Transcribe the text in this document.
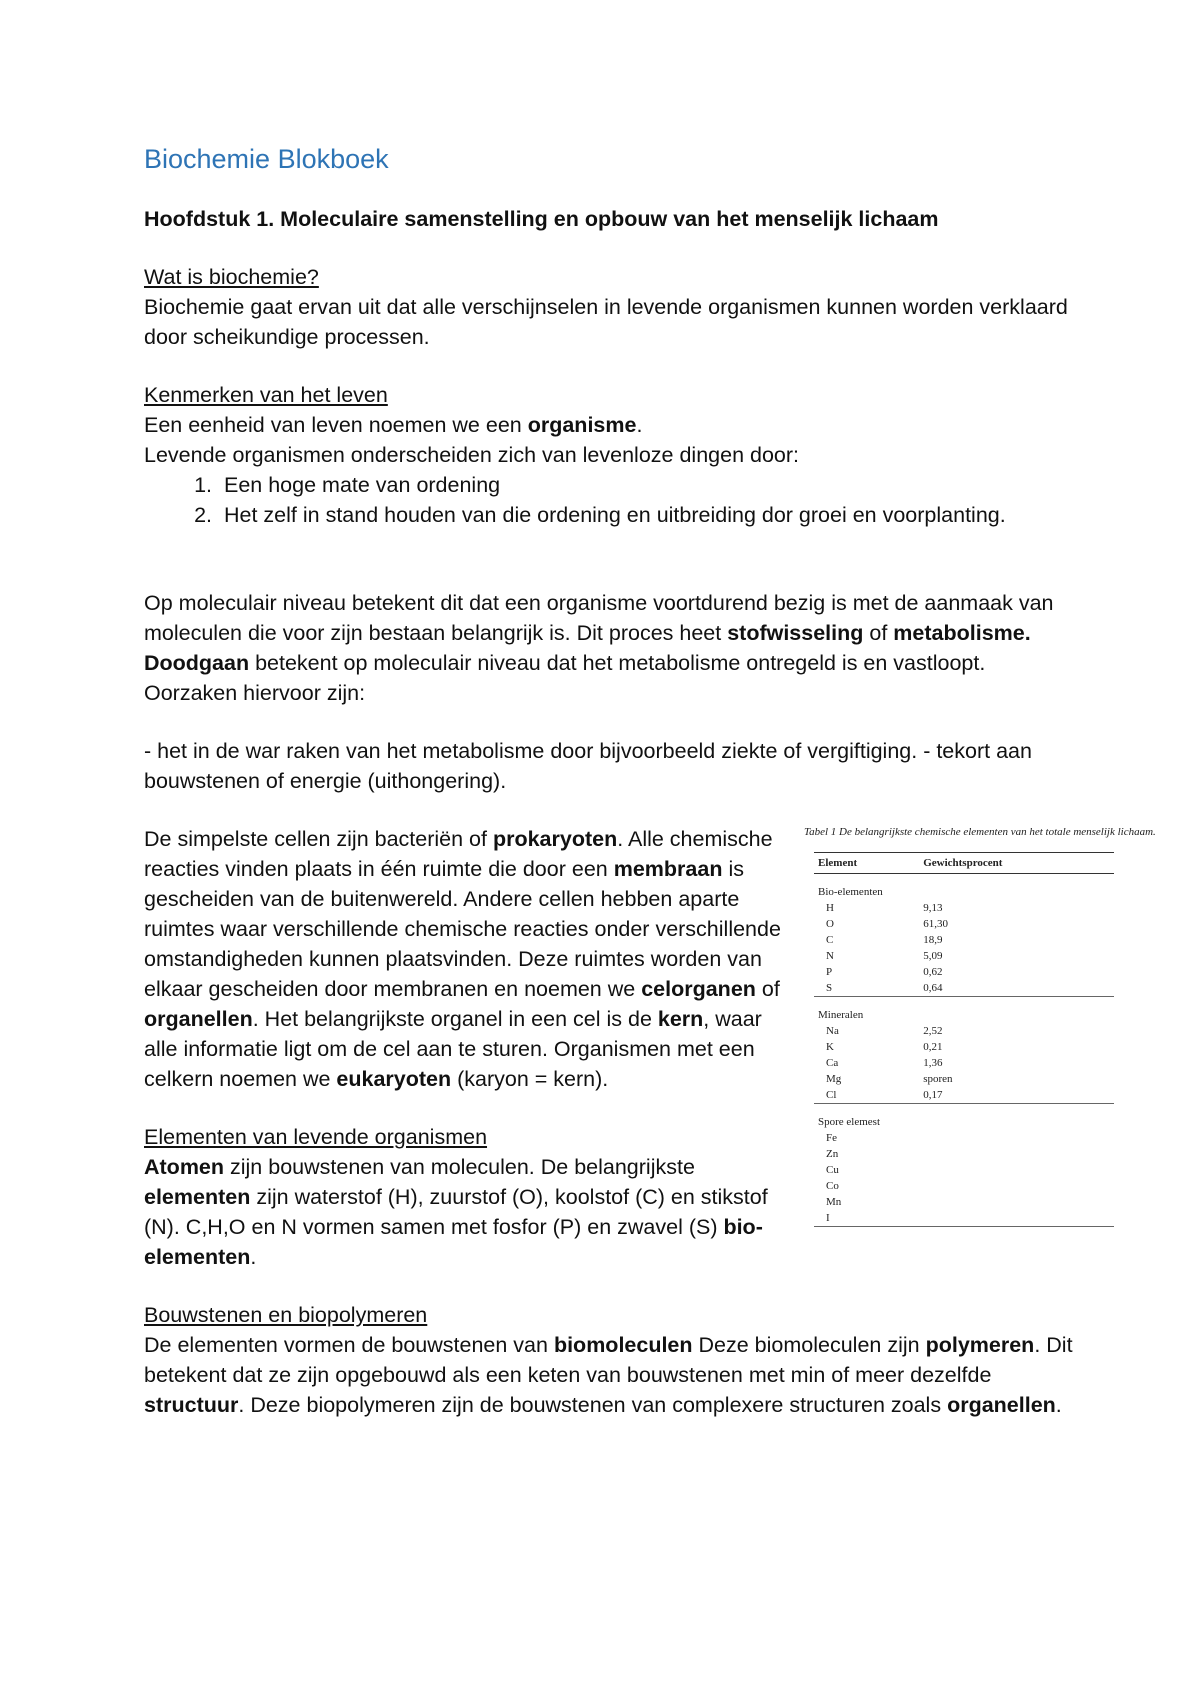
Biochemie Blokboek
Hoofdstuk 1. Moleculaire samenstelling en opbouw van het menselijk lichaam

Wat is biochemie?

Biochemie gaat ervan uit dat alle verschijnselen in levende organismen kunnen worden verklaard door scheikundige processen.

Kenmerken van het leven

Een eenheid van leven noemen we een organisme.

Levende organismen onderscheiden zich van levenloze dingen door:

1. Een hoge mate van ordening
2. Het zelf in stand houden van die ordening en uitbreiding dor groei en voorplanting.

Op moleculair niveau betekent dit dat een organisme voortdurend bezig is met de aanmaak van moleculen die voor zijn bestaan belangrijk is. Dit proces heet stofwisseling of metabolisme. Doodgaan betekent op moleculair niveau dat het metabolisme ontregeld is en vastloopt. Oorzaken hiervoor zijn:

- het in de war raken van het metabolisme door bijvoorbeeld ziekte of vergiftiging. - tekort aan bouwstenen of energie (uithongering).

De simpelste cellen zijn bacteriën of prokaryoten. Alle chemische reacties vinden plaats in één ruimte die door een membraan is gescheiden van de buitenwereld. Andere cellen hebben aparte ruimtes waar verschillende chemische reacties onder verschillende omstandigheden kunnen plaatsvinden. Deze ruimtes worden van elkaar gescheiden door membranen en noemen we celorganen of organellen. Het belangrijkste organel in een cel is de kern, waar alle informatie ligt om de cel aan te sturen. Organismen met een celkern noemen we eukaryoten (karyon = kern).

Elementen van levende organismen

Atomen zijn bouwstenen van moleculen. De belangrijkste elementen zijn waterstof (H), zuurstof (O), koolstof (C) en stikstof (N). C,H,O en N vormen samen met fosfor (P) en zwavel (S) bio-elementen.

Tabel 1 De belangrijkste chemische elementen van het totale menselijk lichaam.
Element	Gewichtsprocent
Bio-elementen	
H	9,13
O	61,30
C	18,9
N	5,09
P	0,62
S	0,64
Mineralen	
Na	2,52
K	0,21
Ca	1,36
Mg	sporen
Cl	0,17
Spore elemest	
Fe	
Zn	
Cu	
Co	
Mn	
I	

Bouwstenen en biopolymeren

De elementen vormen de bouwstenen van biomoleculen Deze biomoleculen zijn polymeren. Dit betekent dat ze zijn opgebouwd als een keten van bouwstenen met min of meer dezelfde structuur. Deze biopolymeren zijn de bouwstenen van complexere structuren zoals organellen.
